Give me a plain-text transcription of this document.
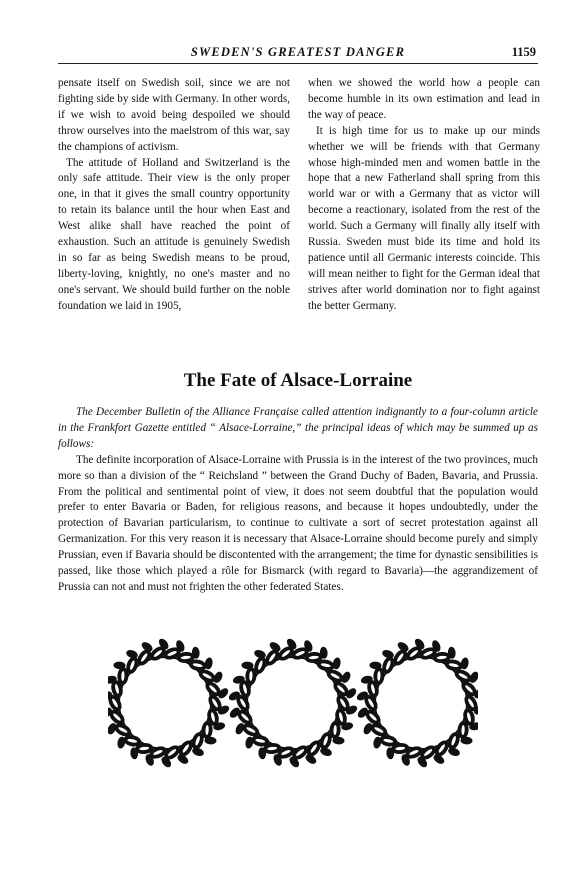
SWEDEN'S GREATEST DANGER	1159

pensate itself on Swedish soil, since we are not fighting side by side with Germany. In other words, if we wish to avoid being despoiled we should throw ourselves into the maelstrom of this war, say the champions of activism.

The attitude of Holland and Switzerland is the only safe attitude. Their view is the only proper one, in that it gives the small country opportunity to retain its balance until the hour when East and West alike shall have reached the point of exhaustion. Such an attitude is genuinely Swedish in so far as being Swedish means to be proud, liberty-loving, knightly, no one's master and no one's servant. We should build further on the noble foundation we laid in 1905,

when we showed the world how a people can become humble in its own estimation and lead in the way of peace.

It is high time for us to make up our minds whether we will be friends with that Germany whose high-minded men and women battle in the hope that a new Fatherland shall spring from this world war or with a Germany that as victor will become a reactionary, isolated from the rest of the world. Such a Germany will finally ally itself with Russia. Sweden must bide its time and hold its patience until all Germanic interests coincide. This will mean neither to fight for the German ideal that strives after world domination nor to fight against the better Germany.

The Fate of Alsace-Lorraine

The December Bulletin of the Alliance Française called attention indignantly to a four-column article in the Frankfort Gazette entitled “ Alsace-Lorraine,” the principal ideas of which may be summed up as follows:

The definite incorporation of Alsace-Lorraine with Prussia is in the interest of the two provinces, much more so than a division of the “ Reichsland ” between the Grand Duchy of Baden, Bavaria, and Prussia. From the political and sentimental point of view, it does not seem doubtful that the population would prefer to enter Bavaria or Baden, for religious reasons, and because it hopes undoubtedly, under the protection of Bavarian particularism, to continue to cultivate a sort of secret protestation against all Germanization. For this very reason it is necessary that Alsace-Lorraine should become purely and simply Prussian, even if Bavaria should be discontented with the arrangement; the time for dynastic sensibilities is passed, like those which played a rôle for Bismarck (with regard to Bavaria)—the aggrandizement of Prussia can not and must not frighten the other federated States.
